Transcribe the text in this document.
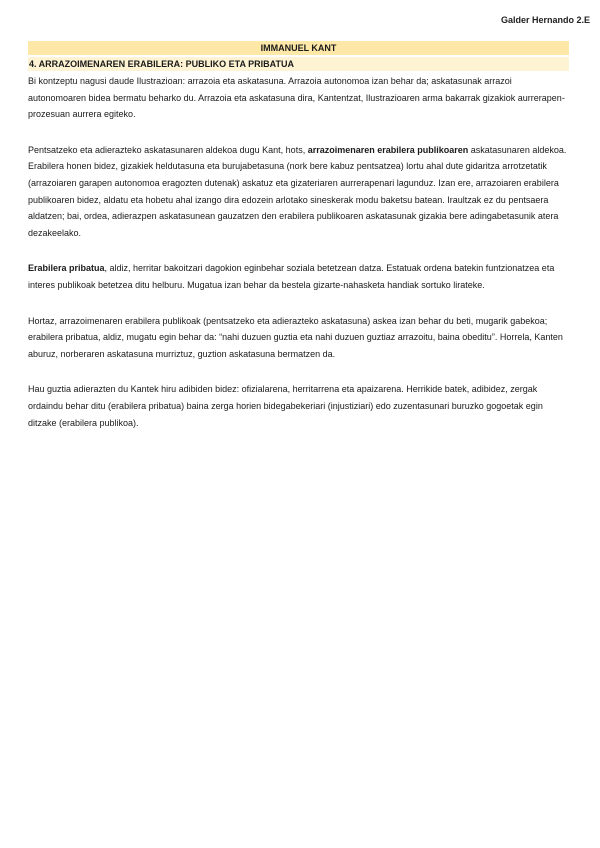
Galder Hernando 2.E
IMMANUEL KANT
4. ARRAZOIMENAREN ERABILERA: PUBLIKO ETA PRIBATUA

Bi kontzeptu nagusi daude Ilustrazioan: arrazoia eta askatasuna. Arrazoia autonomoa izan behar da; askatasunak arrazoi autonomoaren bidea bermatu beharko du. Arrazoia eta askatasuna dira, Kantentzat, Ilustrazioaren arma bakarrak gizakiok aurrerapen-prozesuan aurrera egiteko.

Pentsatzeko eta adierazteko askatasunaren aldekoa dugu Kant, hots, arrazoimenaren erabilera publikoaren askatasunaren aldekoa. Erabilera honen bidez, gizakiek heldutasuna eta burujabetasuna (nork bere kabuz pentsatzea) lortu ahal dute gidaritza arrotzetatik (arrazoiaren garapen autonomoa eragozten dutenak) askatuz eta gizateriaren aurrerapenari lagunduz. Izan ere, arrazoiaren erabilera publikoaren bidez, aldatu eta hobetu ahal izango dira edozein arlotako sineskerak modu baketsu batean. Iraultzak ez du pentsaera aldatzen; bai, ordea, adierazpen askatasunean gauzatzen den erabilera publikoaren askatasunak gizakia bere adingabetasunik atera dezakeelako.

Erabilera pribatua, aldiz, herritar bakoitzari dagokion eginbehar soziala betetzean datza. Estatuak ordena batekin funtzionatzea eta interes publikoak betetzea ditu helburu. Mugatua izan behar da bestela gizarte-nahasketa handiak sortuko lirateke.

Hortaz, arrazoimenaren erabilera publikoak (pentsatzeko eta adierazteko askatasuna) askea izan behar du beti, mugarik gabekoa; erabilera pribatua, aldiz, mugatu egin behar da: “nahi duzuen guztia eta nahi duzuen guztiaz arrazoitu, baina obeditu”. Horrela, Kanten aburuz, norberaren askatasuna murriztuz, guztion askatasuna bermatzen da.

Hau guztia adierazten du Kantek hiru adibiden bidez: ofizialarena, herritarrena eta apaizarena. Herrikide batek, adibidez, zergak ordaindu behar ditu (erabilera pribatua) baina zerga horien bidegabekeriari (injustiziari) edo zuzentasunari buruzko gogoetak egin ditzake (erabilera publikoa).
